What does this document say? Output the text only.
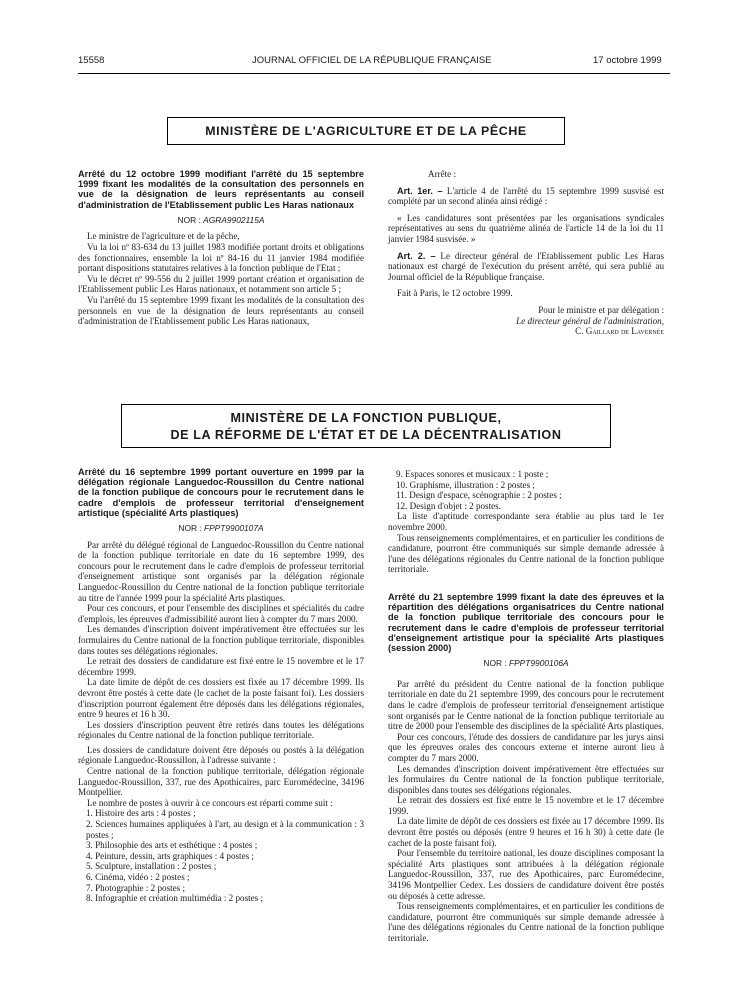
15558	JOURNAL OFFICIEL DE LA RÉPUBLIQUE FRANÇAISE	17 octobre 1999
MINISTÈRE DE L'AGRICULTURE ET DE LA PÊCHE
Arrêté du 12 octobre 1999 modifiant l'arrêté du 15 septembre 1999 fixant les modalités de la consultation des personnels en vue de la désignation de leurs représentants au conseil d'administration de l'Etablissement public Les Haras nationaux
NOR : AGRA9902115A

Le ministre de l'agriculture et de la pêche,

Vu la loi nº 83-634 du 13 juillet 1983 modifiée portant droits et obligations des fonctionnaires, ensemble la loi nº 84-16 du 11 janvier 1984 modifiée portant dispositions statutaires relatives à la fonction publique de l'Etat ;

Vu le décret nº 99-556 du 2 juillet 1999 portant création et organisation de l'Etablissement public Les Haras nationaux, et notamment son article 5 ;

Vu l'arrêté du 15 septembre 1999 fixant les modalités de la consultation des personnels en vue de la désignation de leurs représentants au conseil d'administration de l'Etablissement public Les Haras nationaux,

Arrête :

Art. 1er. – L'article 4 de l'arrêté du 15 septembre 1999 susvisé est complété par un second alinéa ainsi rédigé :

« Les candidatures sont présentées par les organisations syndicales représentatives au sens du quatrième alinéa de l'article 14 de la loi du 11 janvier 1984 susvisée. »

Art. 2. – Le directeur général de l'Etablissement public Les Haras nationaux est chargé de l'exécution du présent arrêté, qui sera publié au Journal officiel de la République française.

Fait à Paris, le 12 octobre 1999.

Pour le ministre et par délégation :
Le directeur général de l'administration,
C. Gaillard de Lavernée
MINISTÈRE DE LA FONCTION PUBLIQUE,
DE LA RÉFORME DE L'ÉTAT ET DE LA DÉCENTRALISATION
Arrêté du 16 septembre 1999 portant ouverture en 1999 par la délégation régionale Languedoc-Roussillon du Centre national de la fonction publique de concours pour le recrutement dans le cadre d'emplois de professeur territorial d'enseignement artistique (spécialité Arts plastiques)
NOR : FPPT9900107A

Par arrêté du délégué régional de Languedoc-Roussillon du Centre national de la fonction publique territoriale en date du 16 septembre 1999, des concours pour le recrutement dans le cadre d'emplois de professeur territorial d'enseignement artistique sont organisés par la délégation régionale Languedoc-Roussillon du Centre national de la fonction publique territoriale au titre de l'année 1999 pour la spécialité Arts plastiques.

Pour ces concours, et pour l'ensemble des disciplines et spécialités du cadre d'emplois, les épreuves d'admissibilité auront lieu à compter du 7 mars 2000.

Les demandes d'inscription doivent impérativement être effectuées sur les formulaires du Centre national de la fonction publique territoriale, disponibles dans toutes ses délégations régionales.

Le retrait des dossiers de candidature est fixé entre le 15 novembre et le 17 décembre 1999.

La date limite de dépôt de ces dossiers est fixée au 17 décembre 1999. Ils devront être postés à cette date (le cachet de la poste faisant foi). Les dossiers d'inscription pourront également être déposés dans les délégations régionales, entre 9 heures et 16 h 30.

Les dossiers d'inscription peuvent être retirés dans toutes les délégations régionales du Centre national de la fonction publique territoriale.

Les dossiers de candidature doivent être déposés ou postés à la délégation régionale Languedoc-Roussillon, à l'adresse suivante :

Centre national de la fonction publique territoriale, délégation régionale Languedoc-Roussillon, 337, rue des Apothicaires, parc Euromédecine, 34196 Montpellier.

Le nombre de postes à ouvrir à ce concours est réparti comme suit :

1. Histoire des arts : 4 postes ;
2. Sciences humaines appliquées à l'art, au design et à la communication : 3 postes ;
3. Philosophie des arts et esthétique : 4 postes ;
4. Peinture, dessin, arts graphiques : 4 postes ;
5. Sculpture, installation : 2 postes ;
6. Cinéma, vidéo : 2 postes ;
7. Photographie : 2 postes ;
8. Infographie et création multimédia : 2 postes ;
9. Espaces sonores et musicaux : 1 poste ;
10. Graphisme, illustration : 2 postes ;
11. Design d'espace, scénographie : 2 postes ;
12. Design d'objet : 2 postes.

La liste d'aptitude correspondante sera établie au plus tard le 1er novembre 2000.

Tous renseignements complémentaires, et en particulier les conditions de candidature, pourront être communiqués sur simple demande adressée à l'une des délégations régionales du Centre national de la fonction publique territoriale.

Arrêté du 21 septembre 1999 fixant la date des épreuves et la répartition des délégations organisatrices du Centre national de la fonction publique territoriale des concours pour le recrutement dans le cadre d'emplois de professeur territorial d'enseignement artistique pour la spécialité Arts plastiques (session 2000)
NOR : FPPT9900106A

Par arrêté du président du Centre national de la fonction publique territoriale en date du 21 septembre 1999, des concours pour le recrutement dans le cadre d'emplois de professeur territorial d'enseignement artistique sont organisés par le Centre national de la fonction publique territoriale au titre de 2000 pour l'ensemble des disciplines de la spécialité Arts plastiques.

Pour ces concours, l'étude des dossiers de candidature par les jurys ainsi que les épreuves orales des concours externe et interne auront lieu à compter du 7 mars 2000.

Les demandes d'inscription doivent impérativement être effectuées sur les formulaires du Centre national de la fonction publique territoriale, disponibles dans toutes ses délégations régionales.

Le retrait des dossiers est fixé entre le 15 novembre et le 17 décembre 1999.

La date limite de dépôt de ces dossiers est fixée au 17 décembre 1999. Ils devront être postés ou déposés (entre 9 heures et 16 h 30) à cette date (le cachet de la poste faisant foi).

Pour l'ensemble du territoire national, les douze disciplines composant la spécialité Arts plastiques sont attribuées à la délégation régionale Languedoc-Roussillon, 337, rue des Apothicaires, parc Euromédecine, 34196 Montpellier Cedex. Les dossiers de candidature doivent être postés ou déposés à cette adresse.

Tous renseignements complémentaires, et en particulier les conditions de candidature, pourront être communiqués sur simple demande adressée à l'une des délégations régionales du Centre national de la fonction publique territoriale.
